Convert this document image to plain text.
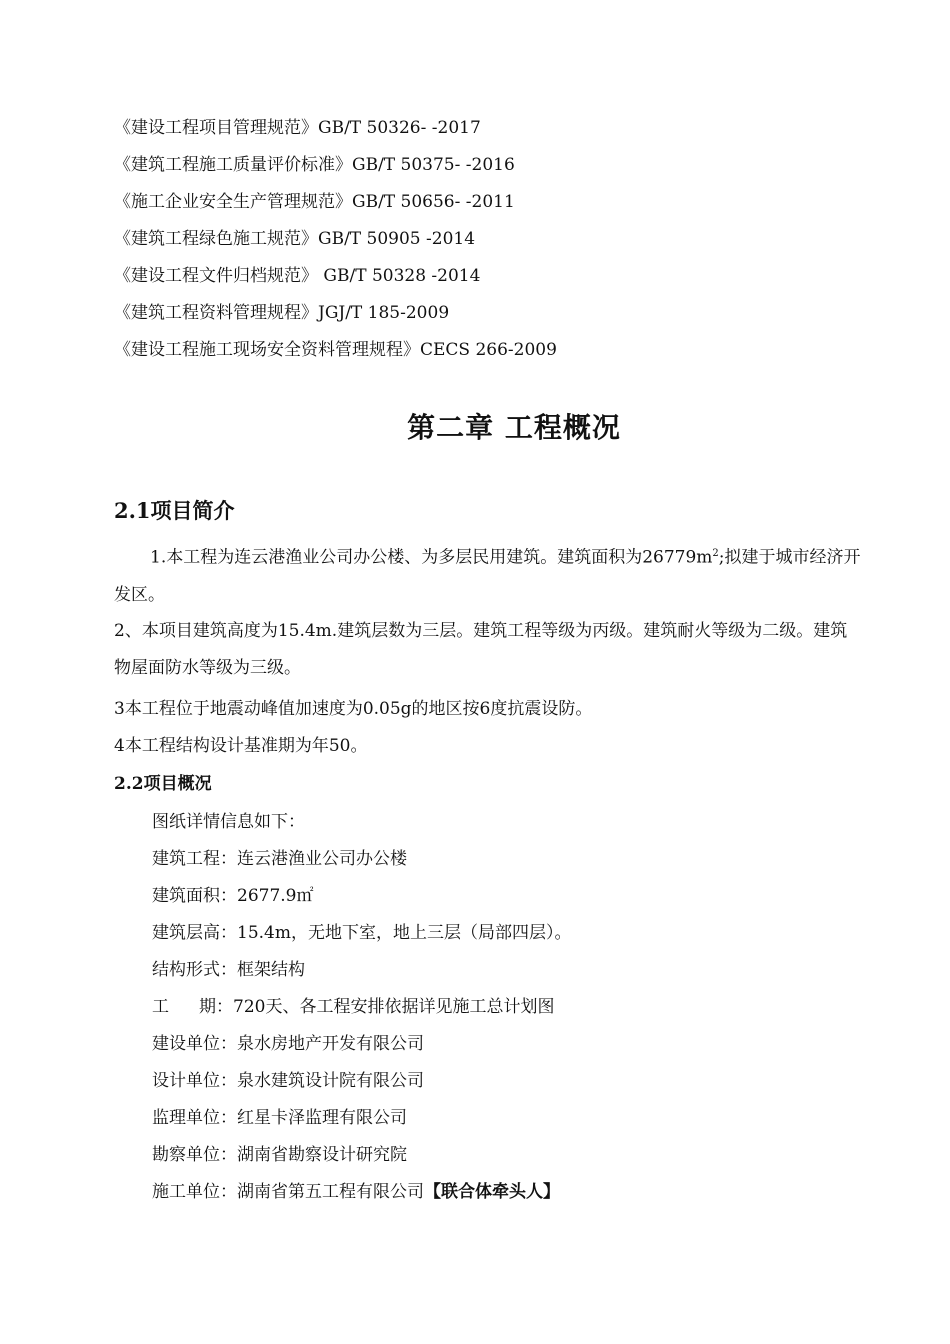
《建设工程项目管理规范》GB/T 50326- -2017
《建筑工程施工质量评价标准》GB/T 50375- -2016
《施工企业安全生产管理规范》GB/T 50656- -2011
《建筑工程绿色施工规范》GB/T 50905 -2014
《建设工程文件归档规范》 GB/T 50328 -2014
《建筑工程资料管理规程》JGJ/T 185-2009
《建设工程施工现场安全资料管理规程》CECS 266-2009
第二章 工程概况
2.1项目简介
1.本工程为连云港渔业公司办公楼、为多层民用建筑。建筑面积为$26779m^2$;拟建于城市经济开发区。
2、本项目建筑高度为15.4m.建筑层数为三层。建筑工程等级为丙级。建筑耐火等级为二级。建筑物屋面防水等级为三级。
3本工程位于地震动峰值加速度为0.05g的地区按6度抗震设防。
4本工程结构设计基准期为年50。
2.2项目概况
图纸详情信息如下：
建筑工程：连云港渔业公司办公楼
建筑面积：2677.9㎡
建筑层高：15.4m，无地下室，地上三层（局部四层）。
结构形式：框架结构
工期：720天、各工程安排依据详见施工总计划图
建设单位：泉水房地产开发有限公司
设计单位：泉水建筑设计院有限公司
监理单位：红星卡泽监理有限公司
勘察单位：湖南省勘察设计研究院
施工单位：湖南省第五工程有限公司【联合体牵头人】
